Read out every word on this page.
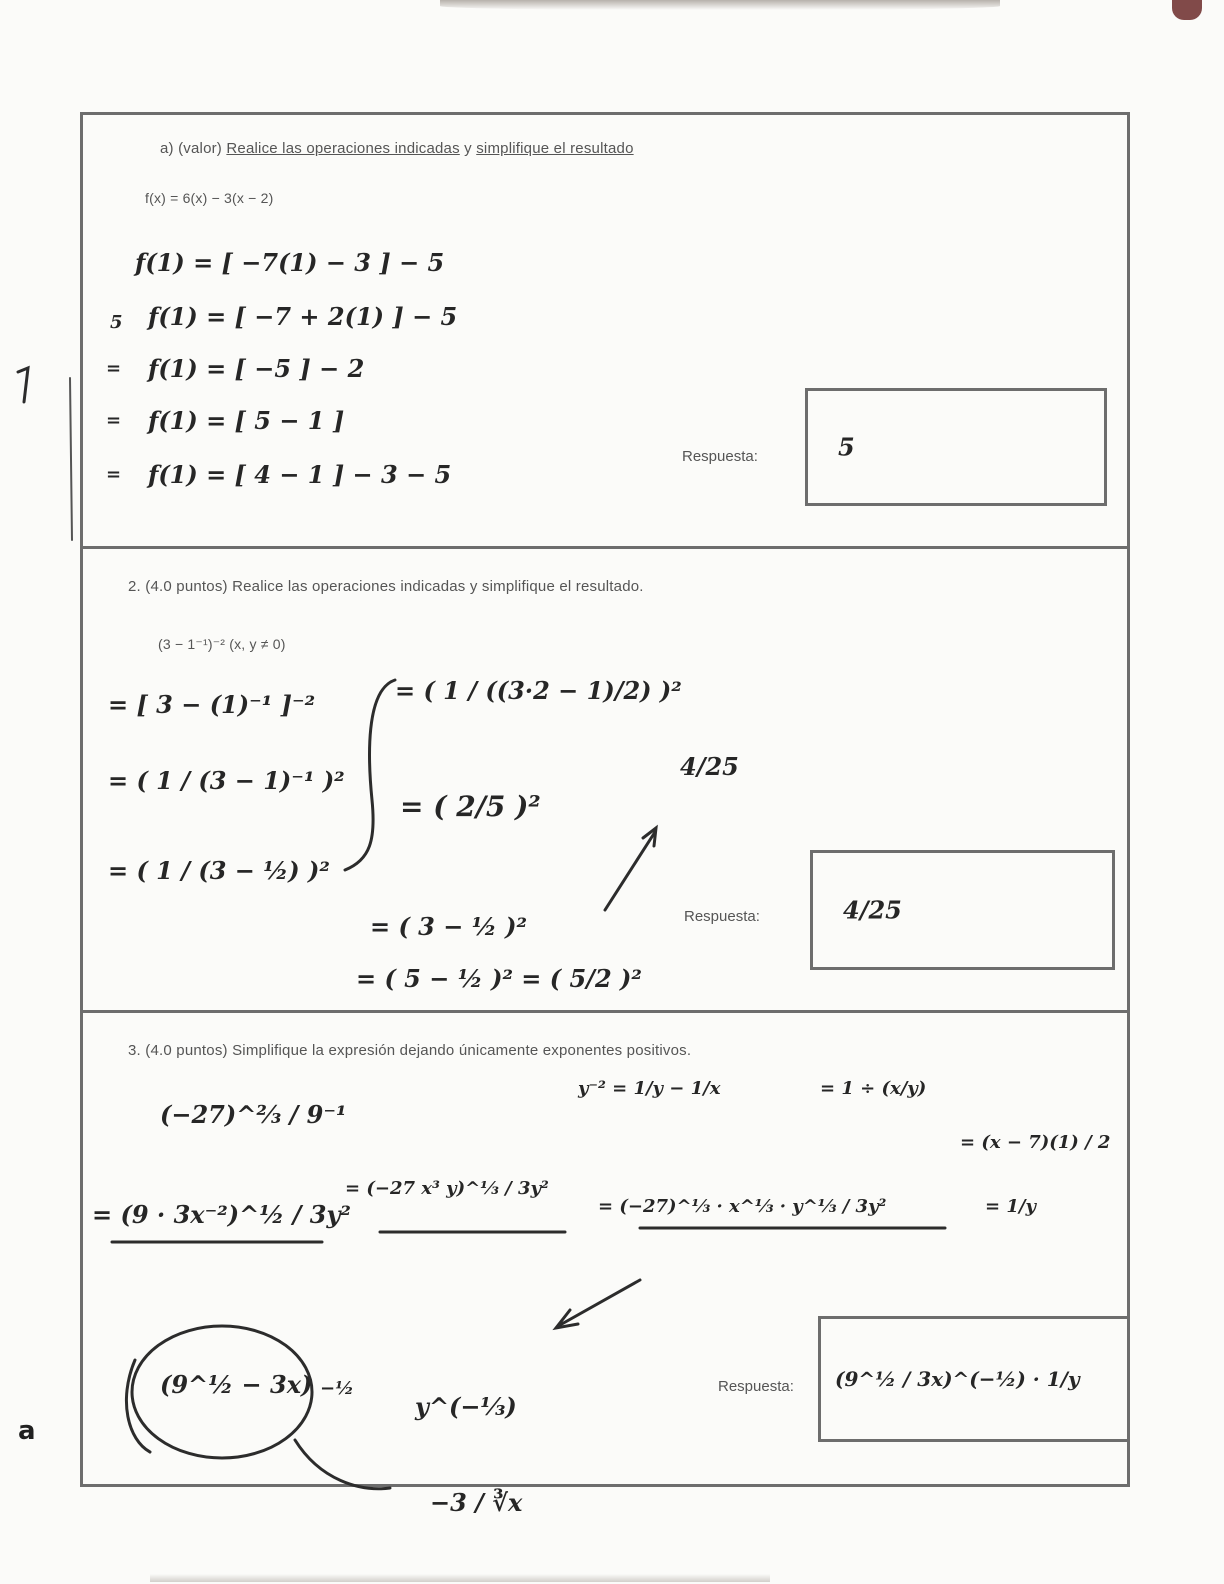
a) (valor) Realice las operaciones indicadas y simplifique el resultado
f(x) = 6(x) − 3(x − 2)
f(1) = [ −7(1) − 3 ] − 5
f(1) = [ −7 + 2(1) ] − 5
f(1) = [ −5 ] − 2
f(1) = [ 5 − 1 ]
f(1) = [ 4 − 1 ] − 3 − 5
5
=
=
=
Respuesta:	5
2. (4.0 puntos) Realice las operaciones indicadas y simplifique el resultado.
(3 − 1⁻¹)⁻² (x, y ≠ 0)
= [ 3 − (1)⁻¹ ]⁻²
= ( 1 / (3 − 1)⁻¹ )²
= ( 1 / (3 − ½) )²
= ( 1 / ((3·2 − 1)/2) )²
= ( 2/5 )²
= ( 3 − ½ )²
= ( 5 − ½ )² = ( 5/2 )²
4/25
Respuesta:	4/25
3. (4.0 puntos) Simplifique la expresión dejando únicamente exponentes positivos.
(−27)^⅔ / 9⁻¹
= (9 · 3x⁻²)^½ / 3y²
= (−27 x³ y)^⅓ / 3y²
y⁻² = 1/y − 1/x	= 1 ÷ (x/y)
= (x − 7)(1) / 2
= 1/y
= (−27)^⅓ · x^⅓ · y^⅓ / 3y²
(9^½ − 3x) −½
y^(−⅓)
−3 / ∛x
a
Respuesta: (9^½ / 3x)^(−½) · 1/y
